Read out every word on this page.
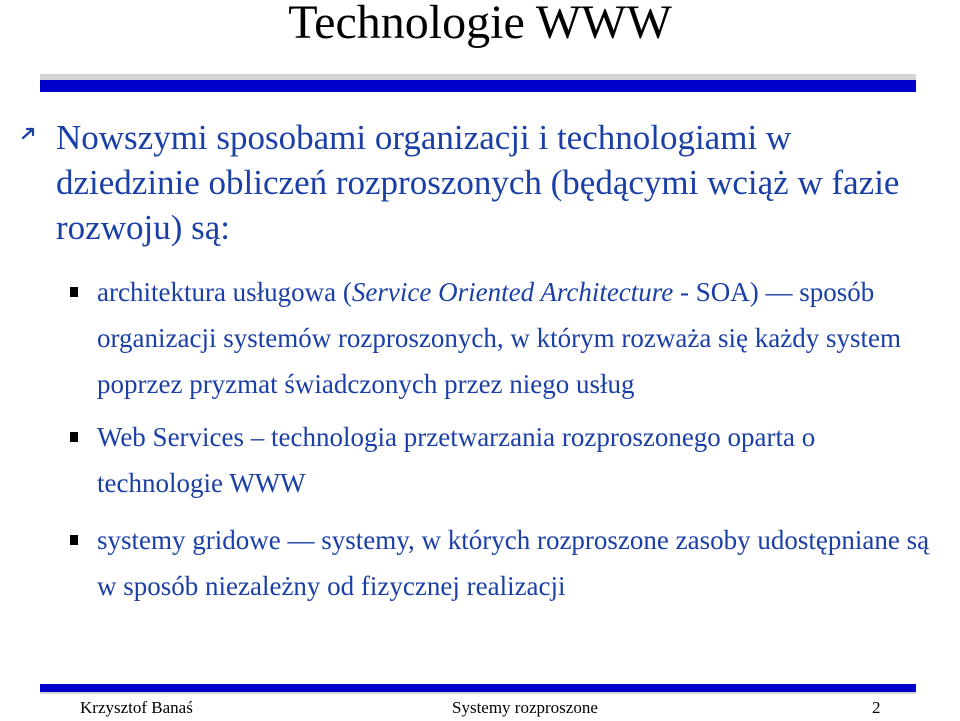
Technologie WWW
Nowszymi sposobami organizacji i technologiami w dziedzinie obliczeń rozproszonych (będącymi wciąż w fazie rozwoju) są:
architektura usługowa (Service Oriented Architecture - SOA) — sposób organizacji systemów rozproszonych, w którym rozważa się każdy system poprzez pryzmat świadczonych przez niego usług
Web Services – technologia przetwarzania rozproszonego oparta o technologie WWW
systemy gridowe — systemy, w których rozproszone zasoby udostępniane są w sposób niezależny od fizycznej realizacji
Krzysztof Banaś	Systemy rozproszone	2
